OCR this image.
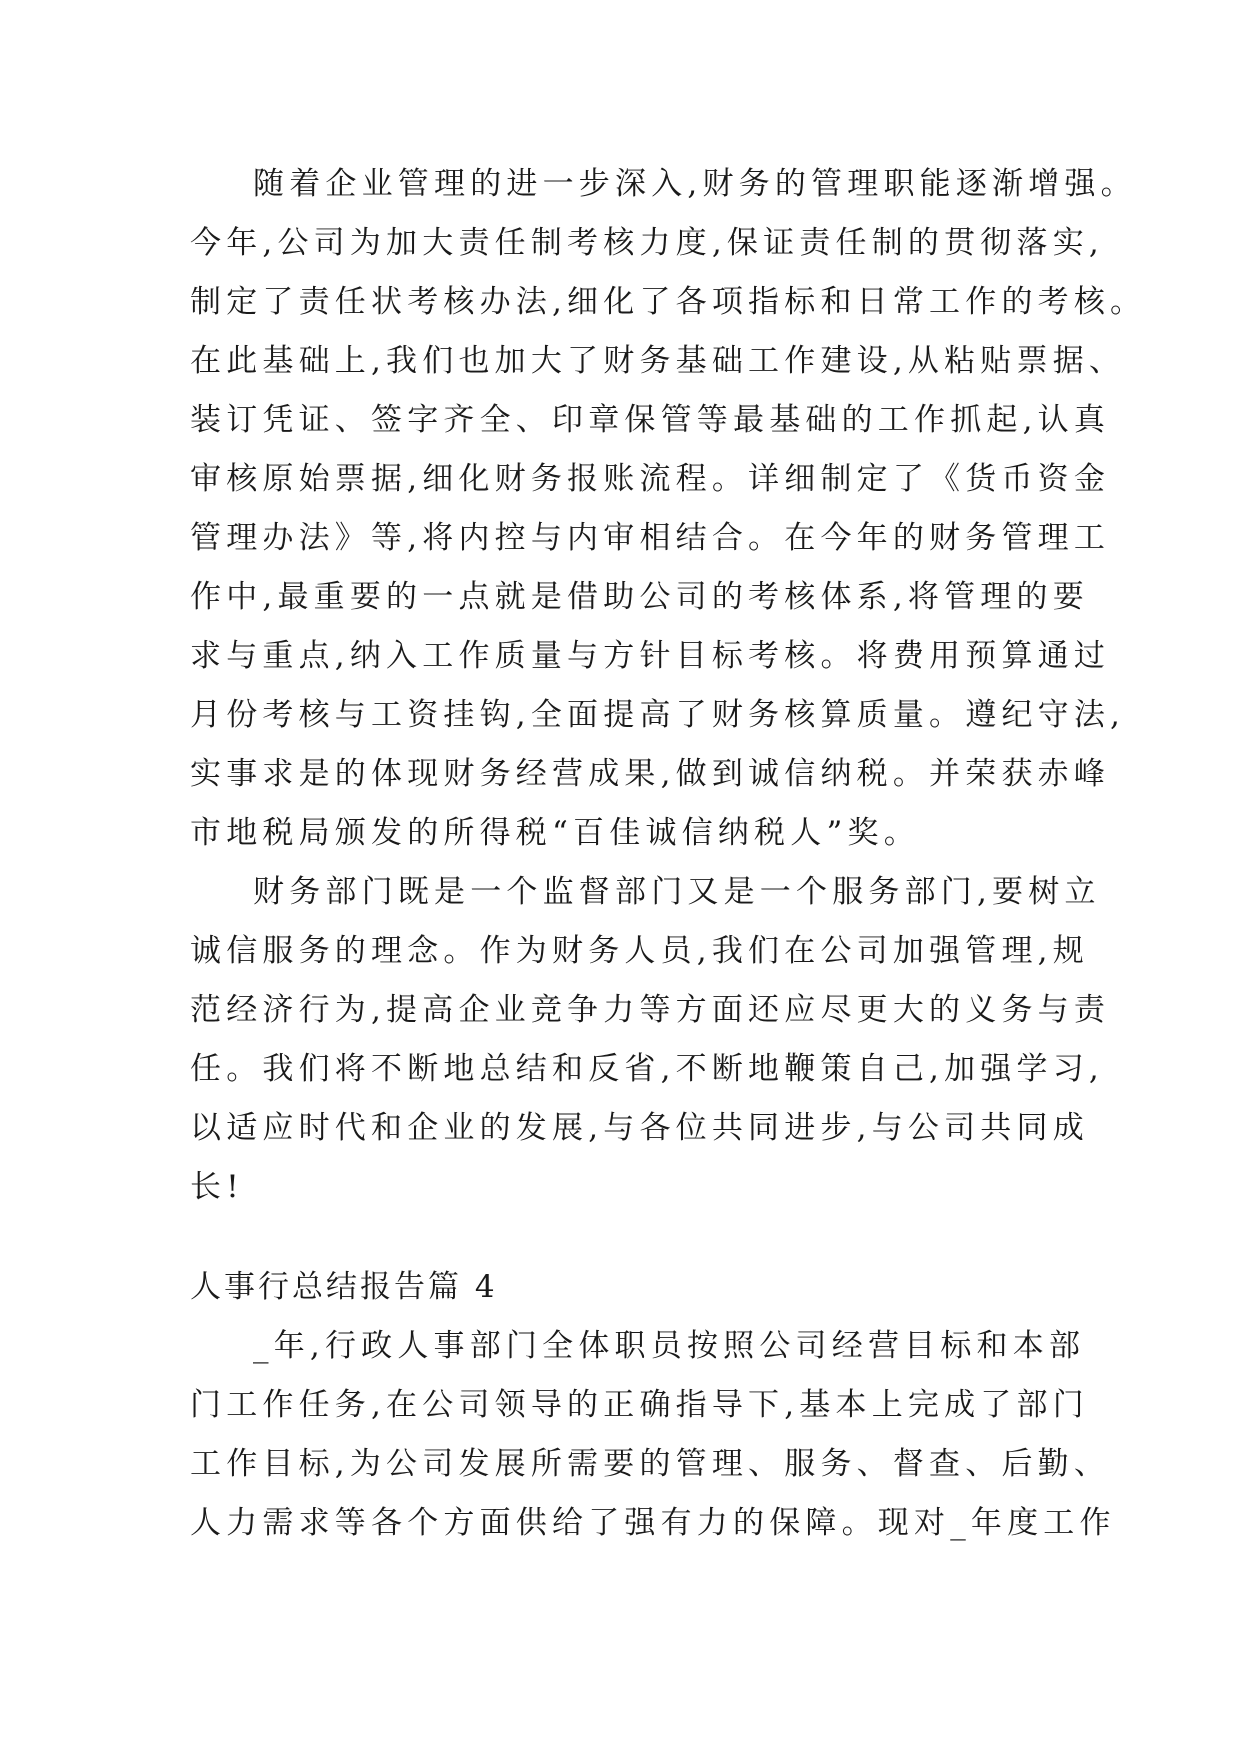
随着企业管理的进一步深入,财务的管理职能逐渐增强。
今年,公司为加大责任制考核力度,保证责任制的贯彻落实,
制定了责任状考核办法,细化了各项指标和日常工作的考核。
在此基础上,我们也加大了财务基础工作建设,从粘贴票据、
装订凭证、签字齐全、印章保管等最基础的工作抓起,认真
审核原始票据,细化财务报账流程。详细制定了《货币资金
管理办法》等,将内控与内审相结合。在今年的财务管理工
作中,最重要的一点就是借助公司的考核体系,将管理的要
求与重点,纳入工作质量与方针目标考核。将费用预算通过
月份考核与工资挂钩,全面提高了财务核算质量。遵纪守法,
实事求是的体现财务经营成果,做到诚信纳税。并荣获赤峰
市地税局颁发的所得税“百佳诚信纳税人”奖。
财务部门既是一个监督部门又是一个服务部门,要树立
诚信服务的理念。作为财务人员,我们在公司加强管理,规
范经济行为,提高企业竞争力等方面还应尽更大的义务与责
任。我们将不断地总结和反省,不断地鞭策自己,加强学习,
以适应时代和企业的发展,与各位共同进步,与公司共同成
长!
人事行总结报告篇 4
_年,行政人事部门全体职员按照公司经营目标和本部
门工作任务,在公司领导的正确指导下,基本上完成了部门
工作目标,为公司发展所需要的管理、服务、督查、后勤、
人力需求等各个方面供给了强有力的保障。现对_年度工作
